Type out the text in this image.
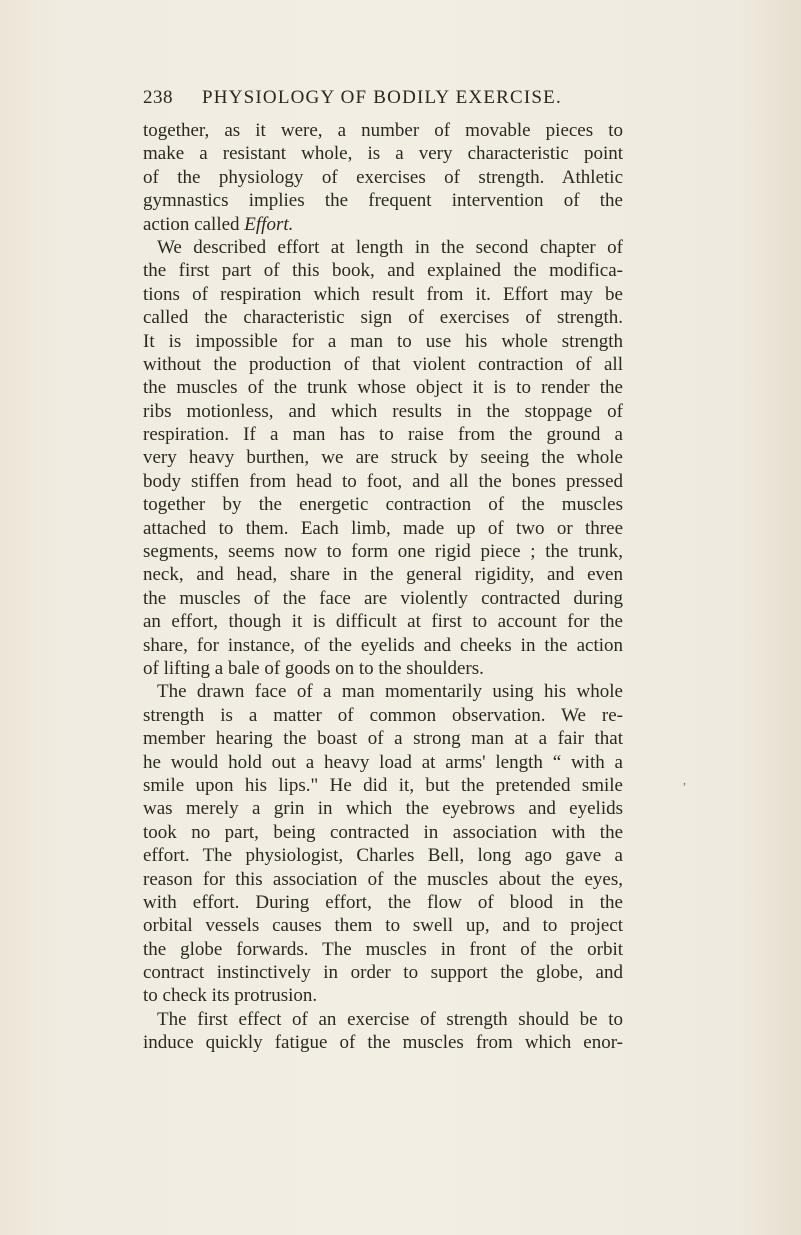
238 PHYSIOLOGY OF BODILY EXERCISE.
together, as it were, a number of movable pieces to
make a resistant whole, is a very characteristic point
of the physiology of exercises of strength. Athletic
gymnastics implies the frequent intervention of the
action called Effort.
We described effort at length in the second chapter of
the first part of this book, and explained the modifica-
tions of respiration which result from it. Effort may be
called the characteristic sign of exercises of strength.
It is impossible for a man to use his whole strength
without the production of that violent contraction of all
the muscles of the trunk whose object it is to render the
ribs motionless, and which results in the stoppage of
respiration. If a man has to raise from the ground a
very heavy burthen, we are struck by seeing the whole
body stiffen from head to foot, and all the bones pressed
together by the energetic contraction of the muscles
attached to them. Each limb, made up of two or three
segments, seems now to form one rigid piece ; the trunk,
neck, and head, share in the general rigidity, and even
the muscles of the face are violently contracted during
an effort, though it is difficult at first to account for the
share, for instance, of the eyelids and cheeks in the action
of lifting a bale of goods on to the shoulders.
The drawn face of a man momentarily using his whole
strength is a matter of common observation. We re-
member hearing the boast of a strong man at a fair that
he would hold out a heavy load at arms' length “ with a
smile upon his lips." He did it, but the pretended smile
was merely a grin in which the eyebrows and eyelids
took no part, being contracted in association with the
effort. The physiologist, Charles Bell, long ago gave a
reason for this association of the muscles about the eyes,
with effort. During effort, the flow of blood in the
orbital vessels causes them to swell up, and to project
the globe forwards. The muscles in front of the orbit
contract instinctively in order to support the globe, and
to check its protrusion.
The first effect of an exercise of strength should be to
induce quickly fatigue of the muscles from which enor-
,
